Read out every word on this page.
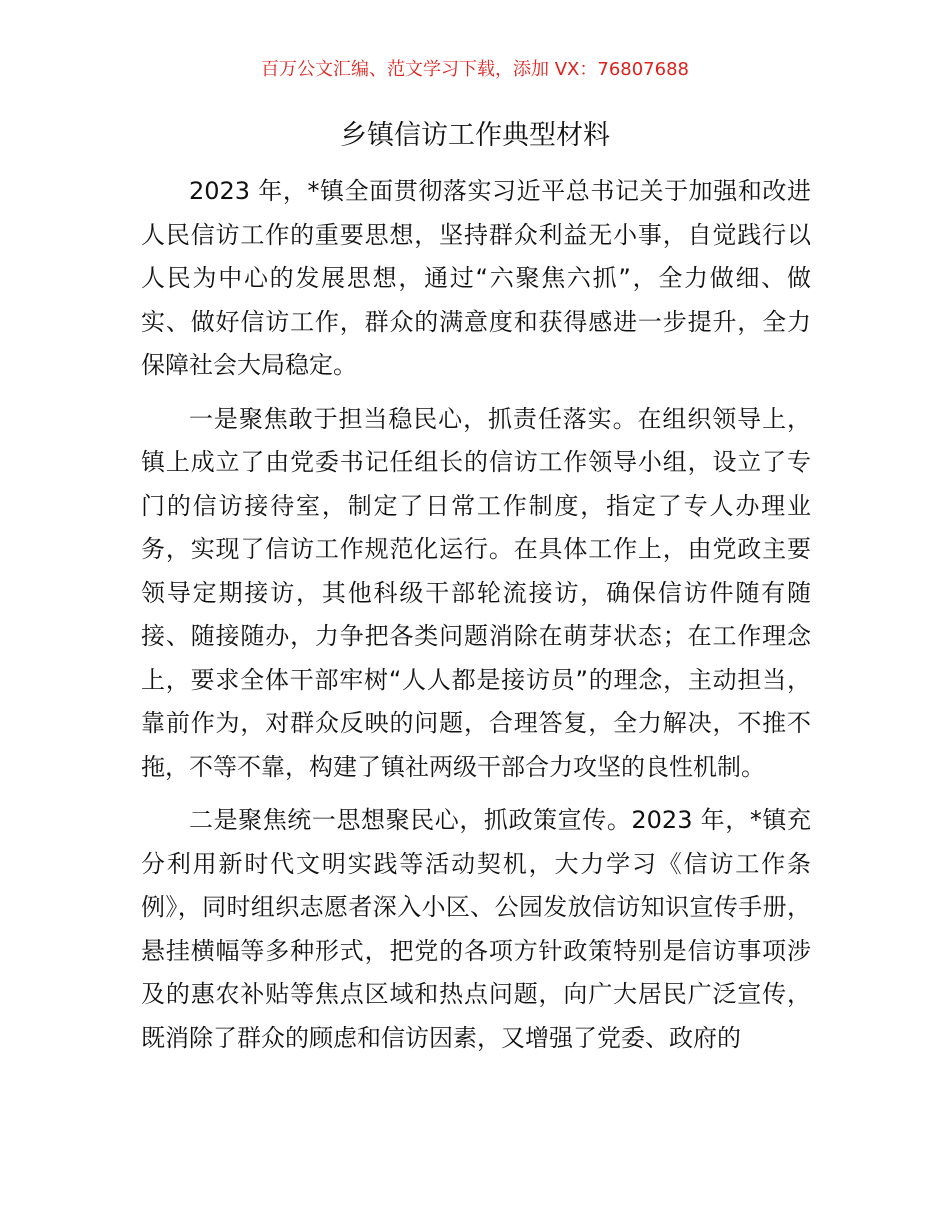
百万公文汇编、范文学习下载，添加 VX：76807688
乡镇信访工作典型材料

2023 年，*镇全面贯彻落实习近平总书记关于加强和改进人民信访工作的重要思想，坚持群众利益无小事，自觉践行以人民为中心的发展思想，通过“六聚焦六抓”，全力做细、做实、做好信访工作，群众的满意度和获得感进一步提升，全力保障社会大局稳定。

一是聚焦敢于担当稳民心，抓责任落实。在组织领导上，镇上成立了由党委书记任组长的信访工作领导小组，设立了专门的信访接待室，制定了日常工作制度，指定了专人办理业务，实现了信访工作规范化运行。在具体工作上，由党政主要领导定期接访，其他科级干部轮流接访，确保信访件随有随接、随接随办，力争把各类问题消除在萌芽状态；在工作理念上，要求全体干部牢树“人人都是接访员”的理念，主动担当，靠前作为，对群众反映的问题，合理答复，全力解决，不推不拖，不等不靠，构建了镇社两级干部合力攻坚的良性机制。

二是聚焦统一思想聚民心，抓政策宣传。2023 年，*镇充分利用新时代文明实践等活动契机，大力学习《信访工作条例》，同时组织志愿者深入小区、公园发放信访知识宣传手册，悬挂横幅等多种形式，把党的各项方针政策特别是信访事项涉及的惠农补贴等焦点区域和热点问题，向广大居民广泛宣传，既消除了群众的顾虑和信访因素，又增强了党委、政府的
